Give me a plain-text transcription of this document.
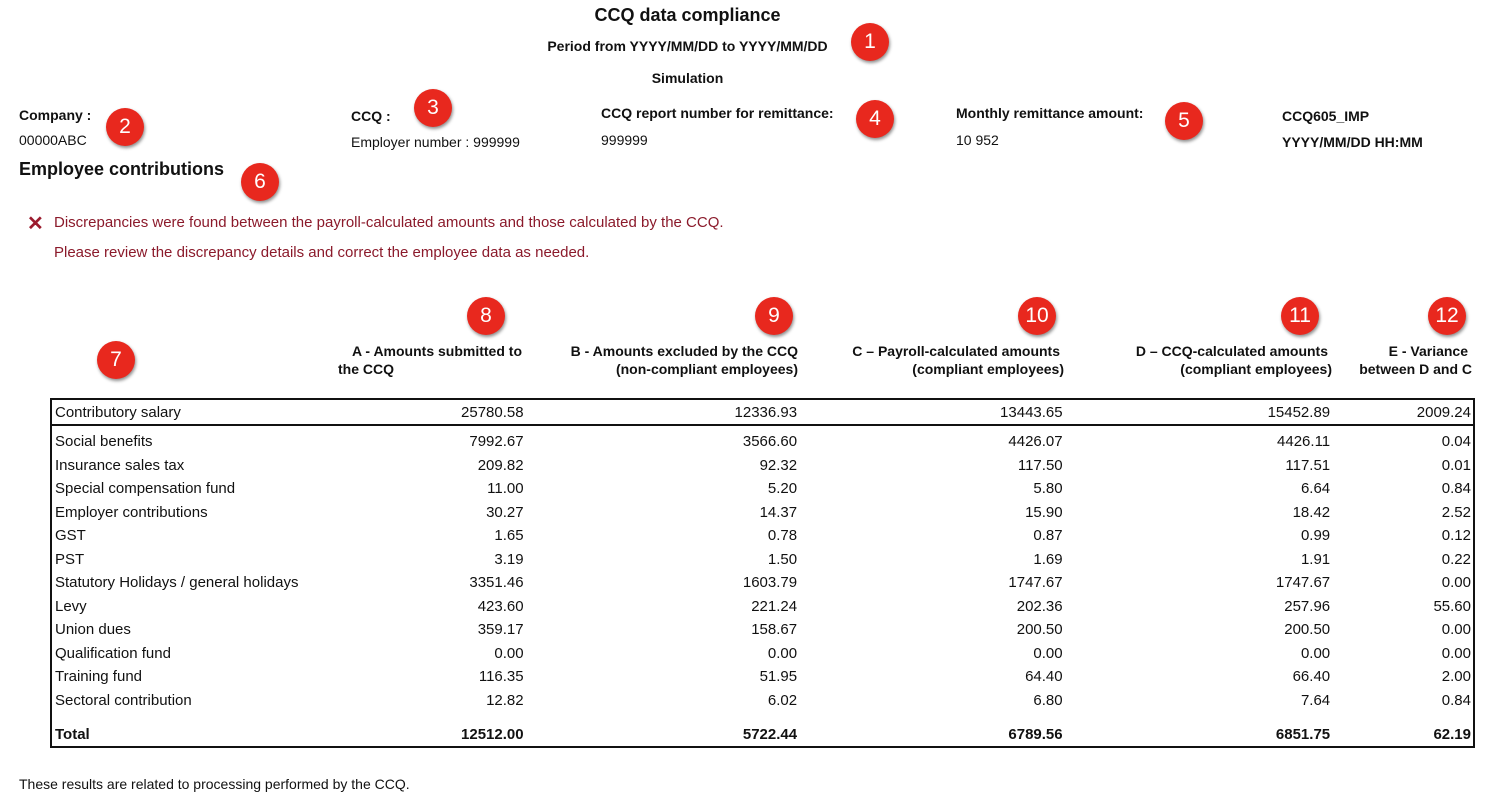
CCQ data compliance
Period from YYYY/MM/DD to YYYY/MM/DD
Simulation
Company :
00000ABC
CCQ :
Employer number : 999999
CCQ report number for remittance:
999999
Monthly remittance amount:
10 952
CCQ605_IMP
YYYY/MM/DD HH:MM
Employee contributions
✕ Discrepancies were found between the payroll-calculated amounts and those calculated by the CCQ.
Please review the discrepancy details and correct the employee data as needed.
A - Amounts submitted to
the CCQ
B - Amounts excluded by the CCQ
(non-compliant employees)
C – Payroll-calculated amounts
(compliant employees)
D – CCQ-calculated amounts
(compliant employees)
E - Variance
between D and C
Contributory salary	25780.58	12336.93	13443.65	15452.89	2009.24

Social benefits	7992.67	3566.60	4426.07	4426.11	0.04
Insurance sales tax	209.82	92.32	117.50	117.51	0.01
Special compensation fund	11.00	5.20	5.80	6.64	0.84
Employer contributions	30.27	14.37	15.90	18.42	2.52
GST	1.65	0.78	0.87	0.99	0.12
PST	3.19	1.50	1.69	1.91	0.22
Statutory Holidays / general holidays	3351.46	1603.79	1747.67	1747.67	0.00
Levy	423.60	221.24	202.36	257.96	55.60
Union dues	359.17	158.67	200.50	200.50	0.00
Qualification fund	0.00	0.00	0.00	0.00	0.00
Training fund	116.35	51.95	64.40	66.40	2.00
Sectoral contribution	12.82	6.02	6.80	7.64	0.84

Total	12512.00	5722.44	6789.56	6851.75	62.19
These results are related to processing performed by the CCQ.
1
2
3	4	5
6
7
8	9	10	11	12
